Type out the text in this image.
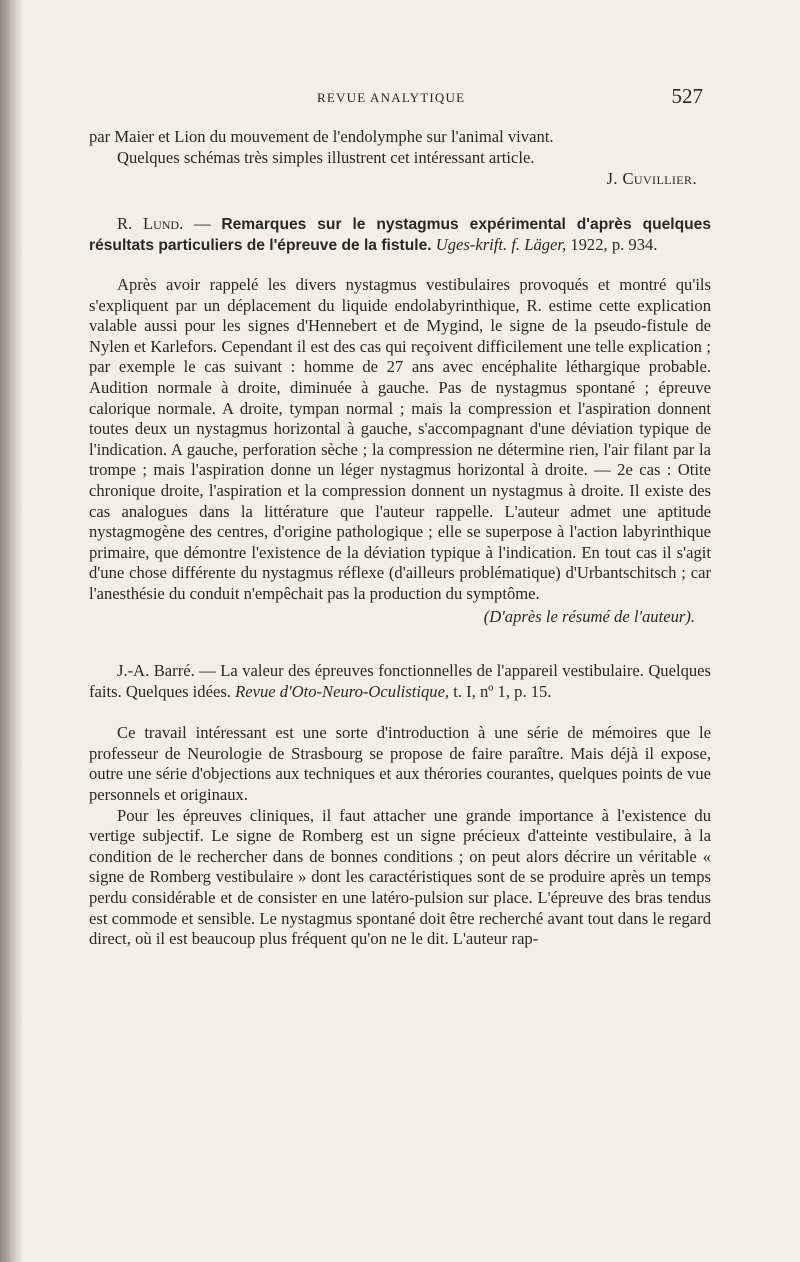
REVUE ANALYTIQUE	527

par Maier et Lion du mouvement de l'endolymphe sur l'animal vivant.

Quelques schémas très simples illustrent cet intéressant article.

J. Cuvillier.

R. Lund. — Remarques sur le nystagmus expérimental d'après quelques résultats particuliers de l'épreuve de la fistule. Uges-krift. f. Läger, 1922, p. 934.

Après avoir rappelé les divers nystagmus vestibulaires provoqués et montré qu'ils s'expliquent par un déplacement du liquide endolabyrinthique, R. estime cette explication valable aussi pour les signes d'Hennebert et de Mygind, le signe de la pseudo-fistule de Nylen et Karlefors. Cependant il est des cas qui reçoivent difficilement une telle explication ; par exemple le cas suivant : homme de 27 ans avec encéphalite léthargique probable. Audition normale à droite, diminuée à gauche. Pas de nystagmus spontané ; épreuve calorique normale. A droite, tympan normal ; mais la compression et l'aspiration donnent toutes deux un nystagmus horizontal à gauche, s'accompagnant d'une déviation typique de l'indication. A gauche, perforation sèche ; la compression ne détermine rien, l'air filant par la trompe ; mais l'aspiration donne un léger nystagmus horizontal à droite. — 2e cas : Otite chronique droite, l'aspiration et la compression donnent un nystagmus à droite. Il existe des cas analogues dans la littérature que l'auteur rappelle. L'auteur admet une aptitude nystagmogène des centres, d'origine pathologique ; elle se superpose à l'action labyrinthique primaire, que démontre l'existence de la déviation typique à l'indication. En tout cas il s'agit d'une chose différente du nystagmus réflexe (d'ailleurs problématique) d'Urbantschitsch ; car l'anesthésie du conduit n'empêchait pas la production du symptôme.

(D'après le résumé de l'auteur).

J.-A. Barré. — La valeur des épreuves fonctionnelles de l'appareil vestibulaire. Quelques faits. Quelques idées. Revue d'Oto-Neuro-Oculistique, t. I, nº 1, p. 15.

Ce travail intéressant est une sorte d'introduction à une série de mémoires que le professeur de Neurologie de Strasbourg se propose de faire paraître. Mais déjà il expose, outre une série d'objections aux techniques et aux thérories courantes, quelques points de vue personnels et originaux.

Pour les épreuves cliniques, il faut attacher une grande importance à l'existence du vertige subjectif. Le signe de Romberg est un signe précieux d'atteinte vestibulaire, à la condition de le rechercher dans de bonnes conditions ; on peut alors décrire un véritable « signe de Romberg vestibulaire » dont les caractéristiques sont de se produire après un temps perdu considérable et de consister en une latéro-pulsion sur place. L'épreuve des bras tendus est commode et sensible. Le nystagmus spontané doit être recherché avant tout dans le regard direct, où il est beaucoup plus fréquent qu'on ne le dit. L'auteur rap-
